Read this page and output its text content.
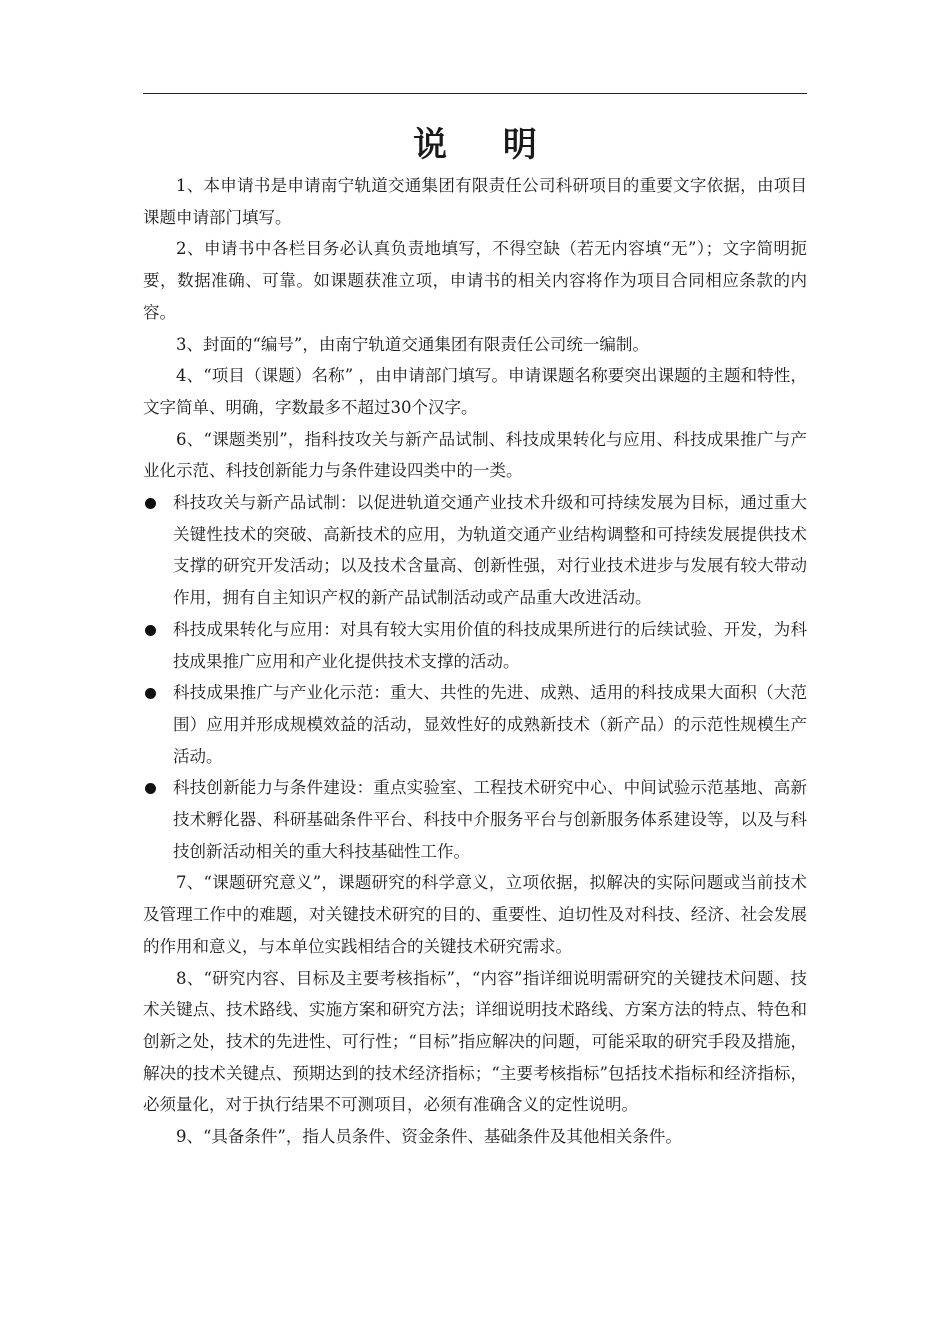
说 明

1、本申请书是申请南宁轨道交通集团有限责任公司科研项目的重要文字依据，由项目课题申请部门填写。

2、申请书中各栏目务必认真负责地填写，不得空缺（若无内容填“无”）；文字简明扼要，数据准确、可靠。如课题获准立项，申请书的相关内容将作为项目合同相应条款的内容。

3、封面的“编号”，由南宁轨道交通集团有限责任公司统一编制。

4、“项目（课题）名称” ，由申请部门填写。申请课题名称要突出课题的主题和特性，文字简单、明确，字数最多不超过30个汉字。

6、“课题类别”，指科技攻关与新产品试制、科技成果转化与应用、科技成果推广与产业化示范、科技创新能力与条件建设四类中的一类。

科技攻关与新产品试制：以促进轨道交通产业技术升级和可持续发展为目标，通过重大关键性技术的突破、高新技术的应用，为轨道交通产业结构调整和可持续发展提供技术支撑的研究开发活动；以及技术含量高、创新性强，对行业技术进步与发展有较大带动作用，拥有自主知识产权的新产品试制活动或产品重大改进活动。
科技成果转化与应用：对具有较大实用价值的科技成果所进行的后续试验、开发，为科技成果推广应用和产业化提供技术支撑的活动。
科技成果推广与产业化示范：重大、共性的先进、成熟、适用的科技成果大面积（大范围）应用并形成规模效益的活动，显效性好的成熟新技术（新产品）的示范性规模生产活动。
科技创新能力与条件建设：重点实验室、工程技术研究中心、中间试验示范基地、高新技术孵化器、科研基础条件平台、科技中介服务平台与创新服务体系建设等，以及与科技创新活动相关的重大科技基础性工作。

7、“课题研究意义”，课题研究的科学意义，立项依据，拟解决的实际问题或当前技术及管理工作中的难题，对关键技术研究的目的、重要性、迫切性及对科技、经济、社会发展的作用和意义，与本单位实践相结合的关键技术研究需求。

8、“研究内容、目标及主要考核指标”，“内容”指详细说明需研究的关键技术问题、技术关键点、技术路线、实施方案和研究方法；详细说明技术路线、方案方法的特点、特色和创新之处，技术的先进性、可行性；“目标”指应解决的问题，可能采取的研究手段及措施，解决的技术关键点、预期达到的技术经济指标；“主要考核指标”包括技术指标和经济指标，必须量化，对于执行结果不可测项目，必须有准确含义的定性说明。

9、“具备条件”，指人员条件、资金条件、基础条件及其他相关条件。
